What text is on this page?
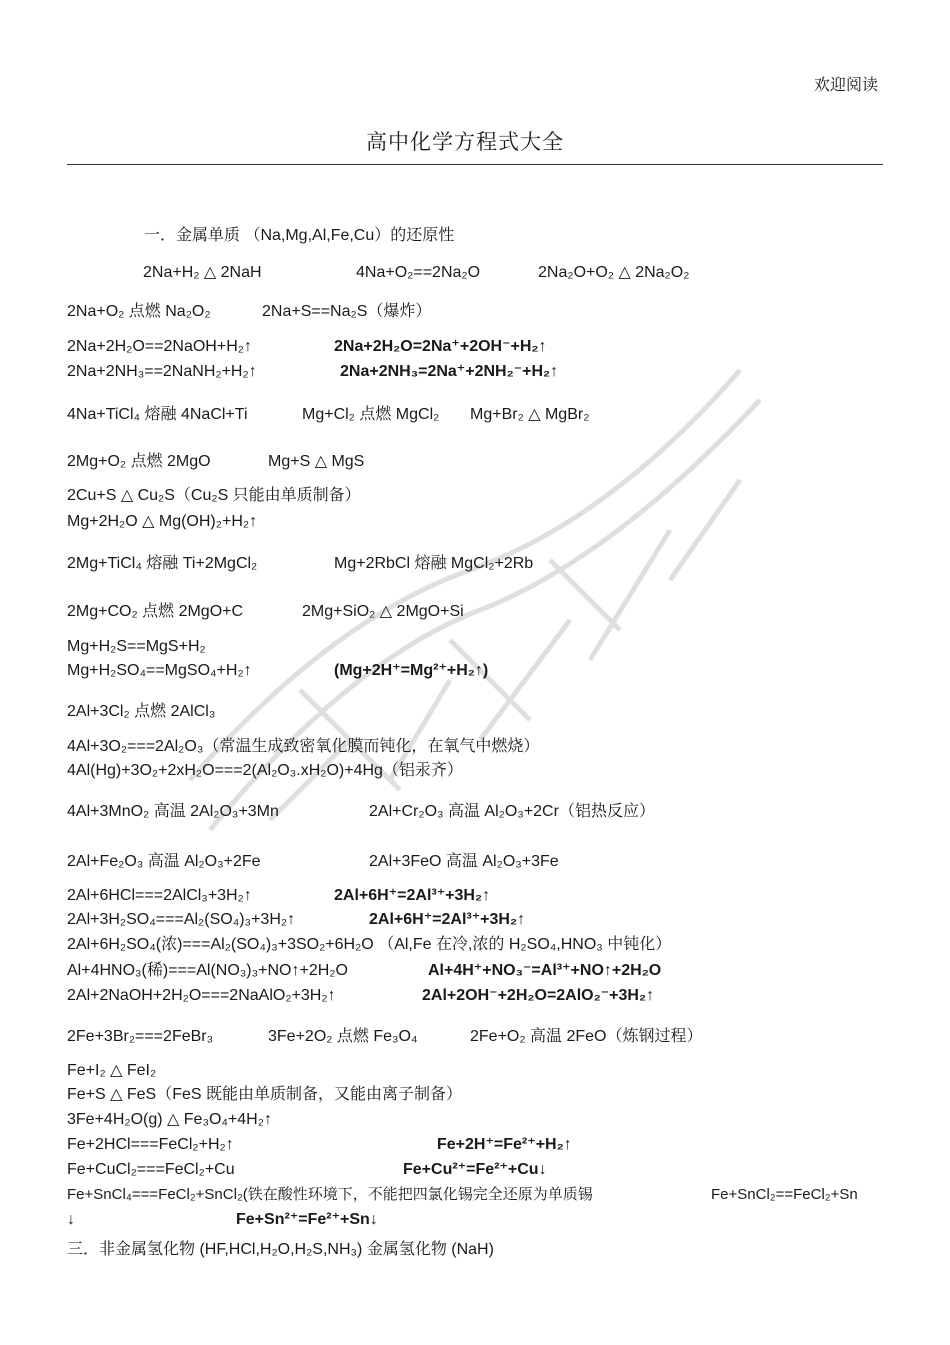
欢迎阅读
高中化学方程式大全
一．金属单质 （Na,Mg,Al,Fe,Cu）的还原性
2Na+H₂ △ 2NaH	4Na+O₂==2Na₂O	2Na₂O+O₂ △ 2Na₂O₂
2Na+O₂ 点燃 Na₂O₂	2Na+S==Na₂S（爆炸）
2Na+2H₂O==2NaOH+H₂↑	2Na+2H₂O=2Na⁺+2OH⁻+H₂↑
2Na+2NH₃==2NaNH₂+H₂↑	2Na+2NH₃=2Na⁺+2NH₂⁻+H₂↑
4Na+TiCl₄ 熔融 4NaCl+Ti	Mg+Cl₂ 点燃 MgCl₂ Mg+Br₂ △ MgBr₂
2Mg+O₂ 点燃 2MgO	Mg+S △ MgS
2Cu+S △ Cu₂S（Cu₂S 只能由单质制备）
Mg+2H₂O △ Mg(OH)₂+H₂↑
2Mg+TiCl₄ 熔融 Ti+2MgCl₂	Mg+2RbCl 熔融 MgCl₂+2Rb
2Mg+CO₂ 点燃 2MgO+C	2Mg+SiO₂ △ 2MgO+Si
Mg+H₂S==MgS+H₂
Mg+H₂SO₄==MgSO₄+H₂↑	(Mg+2H⁺=Mg²⁺+H₂↑)
2Al+3Cl₂ 点燃 2AlCl₃
4Al+3O₂===2Al₂O₃（常温生成致密氧化膜而钝化，在氧气中燃烧）
4Al(Hg)+3O₂+2xH₂O===2(Al₂O₃.xH₂O)+4Hg（铝汞齐）
4Al+3MnO₂ 高温 2Al₂O₃+3Mn	2Al+Cr₂O₃ 高温 Al₂O₃+2Cr（铝热反应）
2Al+Fe₂O₃ 高温 Al₂O₃+2Fe	2Al+3FeO 高温 Al₂O₃+3Fe
2Al+6HCl===2AlCl₃+3H₂↑	2Al+6H⁺=2Al³⁺+3H₂↑
2Al+3H₂SO₄===Al₂(SO₄)₃+3H₂↑	2Al+6H⁺=2Al³⁺+3H₂↑
2Al+6H₂SO₄(浓)===Al₂(SO₄)₃+3SO₂+6H₂O （Al,Fe 在冷,浓的 H₂SO₄,HNO₃ 中钝化）
Al+4HNO₃(稀)===Al(NO₃)₃+NO↑+2H₂O	Al+4H⁺+NO₃⁻=Al³⁺+NO↑+2H₂O
2Al+2NaOH+2H₂O===2NaAlO₂+3H₂↑	2Al+2OH⁻+2H₂O=2AlO₂⁻+3H₂↑
2Fe+3Br₂===2FeBr₃	3Fe+2O₂ 点燃 Fe₃O₄	2Fe+O₂ 高温 2FeO（炼钢过程）
Fe+I₂ △ FeI₂
Fe+S △ FeS（FeS 既能由单质制备，又能由离子制备）
3Fe+4H₂O(g) △ Fe₃O₄+4H₂↑
Fe+2HCl===FeCl₂+H₂↑	Fe+2H⁺=Fe²⁺+H₂↑
Fe+CuCl₂===FeCl₂+Cu	Fe+Cu²⁺=Fe²⁺+Cu↓
Fe+SnCl₄===FeCl₂+SnCl₂(铁在酸性环境下，不能把四氯化锡完全还原为单质锡	Fe+SnCl₂==FeCl₂+Sn
↓	Fe+Sn²⁺=Fe²⁺+Sn↓
三．非金属氢化物 (HF,HCl,H₂O,H₂S,NH₃) 金属氢化物 (NaH)
